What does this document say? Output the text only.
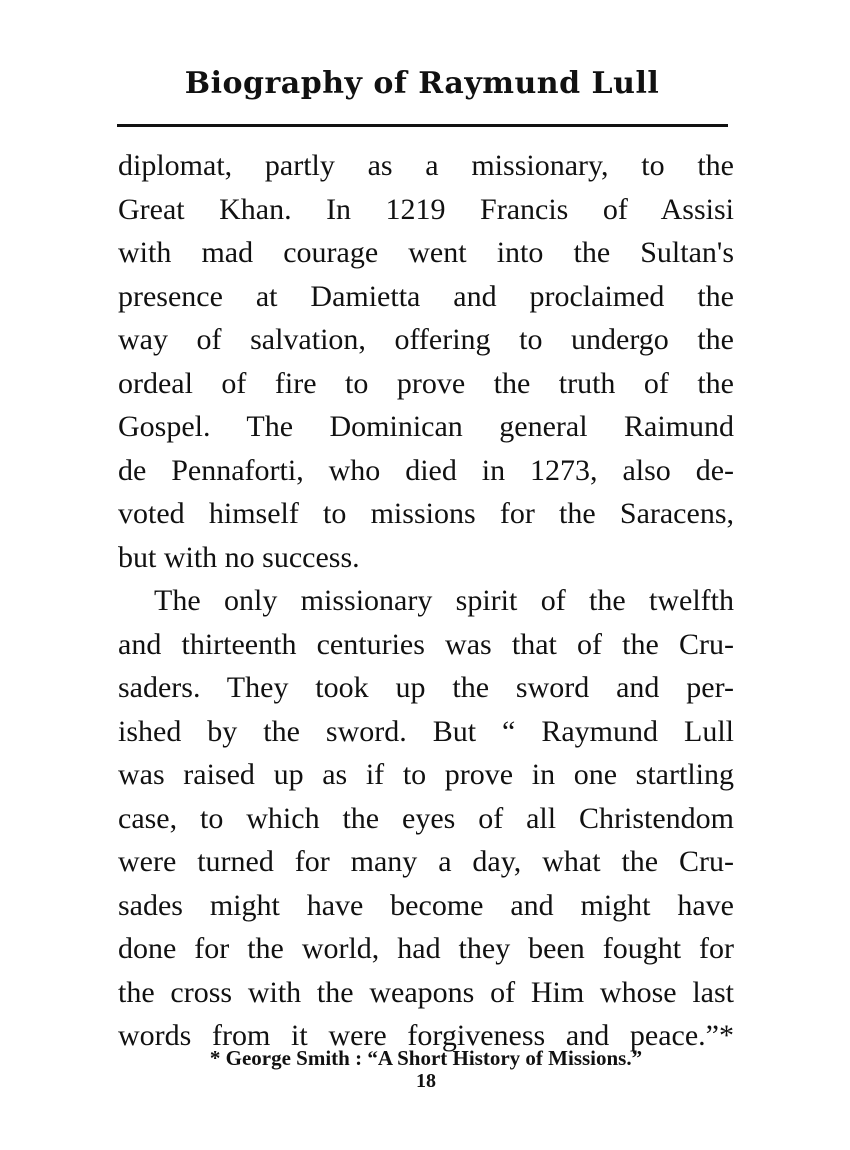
Biography of Raymund Lull
diplomat, partly as a missionary, to the
Great Khan. In 1219 Francis of Assisi
with mad courage went into the Sultan's
presence at Damietta and proclaimed the
way of salvation, offering to undergo the
ordeal of fire to prove the truth of the
Gospel. The Dominican general Raimund
de Pennaforti, who died in 1273, also de-
voted himself to missions for the Saracens,
but with no success.
The only missionary spirit of the twelfth
and thirteenth centuries was that of the Cru-
saders. They took up the sword and per-
ished by the sword. But “ Raymund Lull
was raised up as if to prove in one startling
case, to which the eyes of all Christendom
were turned for many a day, what the Cru-
sades might have become and might have
done for the world, had they been fought for
the cross with the weapons of Him whose last
words from it were forgiveness and peace.”*
* George Smith : “A Short History of Missions.”
18
